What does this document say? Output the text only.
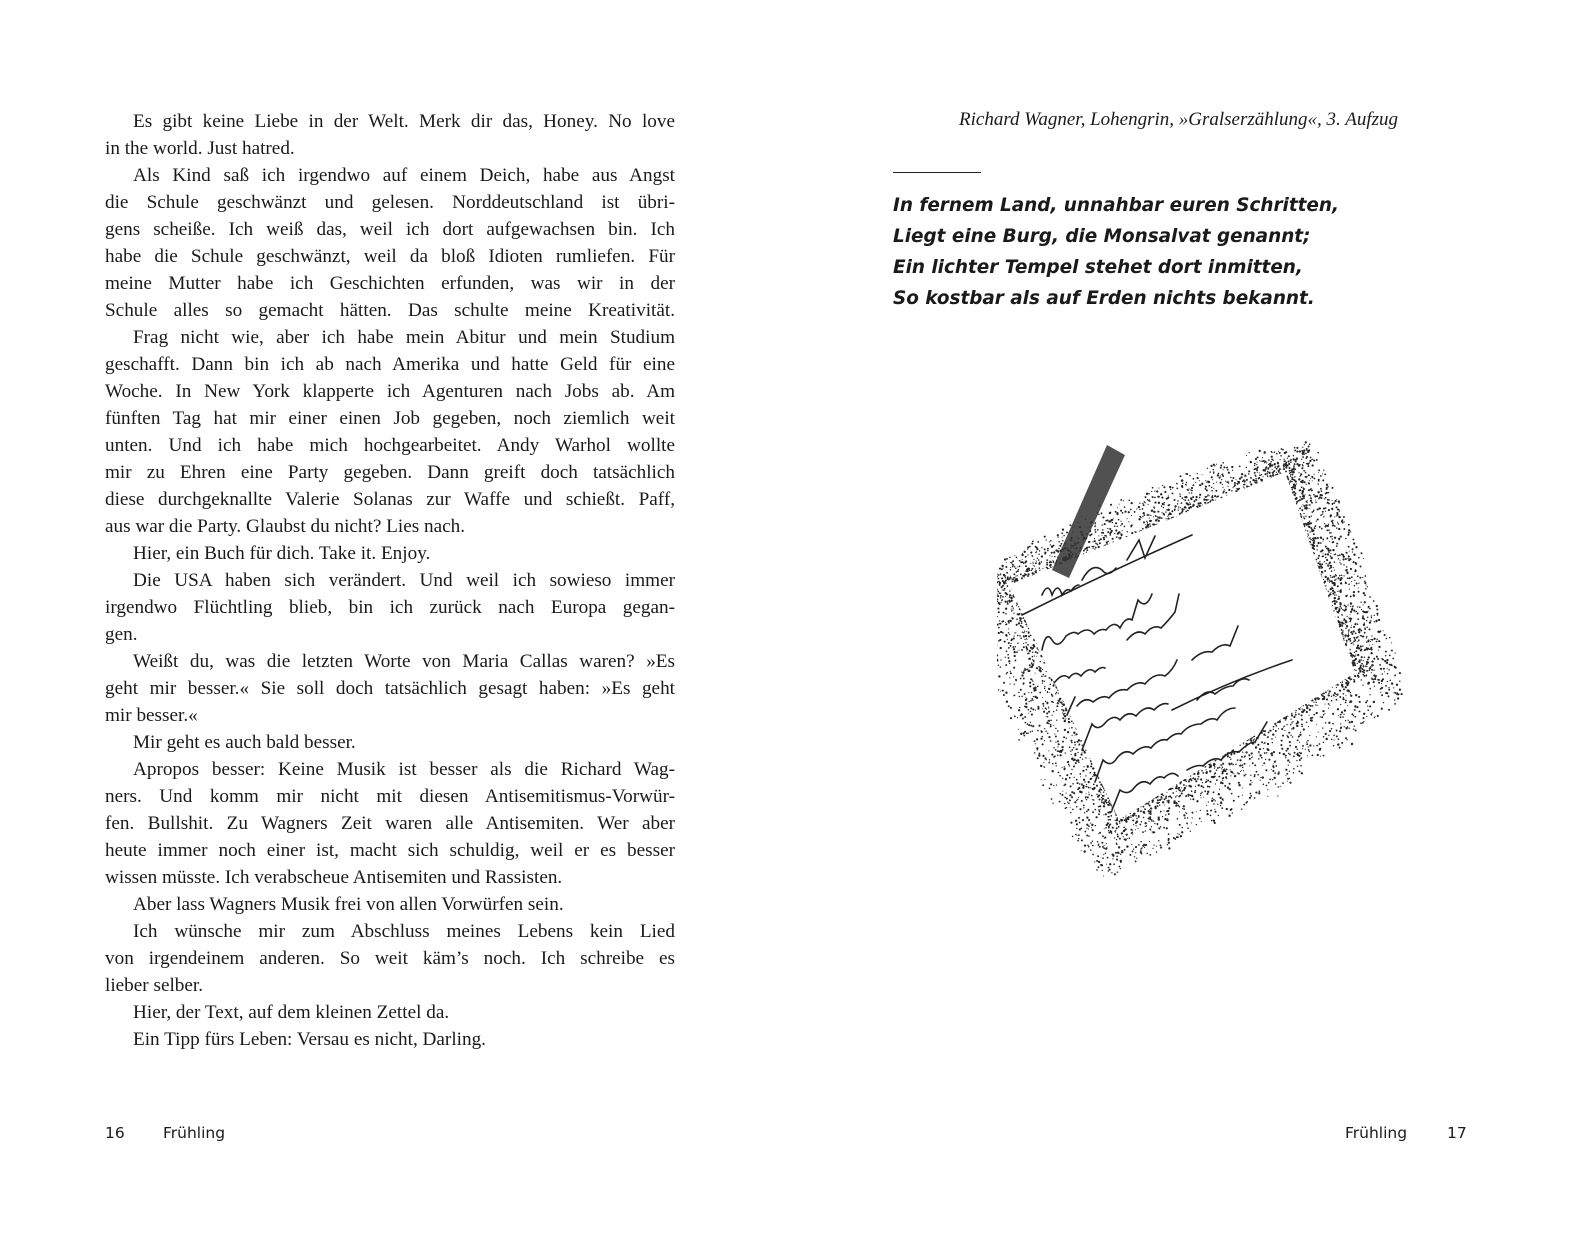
Es gibt keine Liebe in der Welt. Merk dir das, Honey. No love
in the world. Just hatred.
Als Kind saß ich irgendwo auf einem Deich, habe aus Angst
die Schule geschwänzt und gelesen. Norddeutschland ist übri-
gens scheiße. Ich weiß das, weil ich dort aufgewachsen bin. Ich
habe die Schule geschwänzt, weil da bloß Idioten rumliefen. Für
meine Mutter habe ich Geschichten erfunden, was wir in der
Schule alles so gemacht hätten. Das schulte meine Kreativität.
Frag nicht wie, aber ich habe mein Abitur und mein Studium
geschafft. Dann bin ich ab nach Amerika und hatte Geld für eine
Woche. In New York klapperte ich Agenturen nach Jobs ab. Am
fünften Tag hat mir einer einen Job gegeben, noch ziemlich weit
unten. Und ich habe mich hochgearbeitet. Andy Warhol wollte
mir zu Ehren eine Party gegeben. Dann greift doch tatsächlich
diese durchgeknallte Valerie Solanas zur Waffe und schießt. Paff,
aus war die Party. Glaubst du nicht? Lies nach.
Hier, ein Buch für dich. Take it. Enjoy.
Die USA haben sich verändert. Und weil ich sowieso immer
irgendwo Flüchtling blieb, bin ich zurück nach Europa gegan-
gen.
Weißt du, was die letzten Worte von Maria Callas waren? »Es
geht mir besser.« Sie soll doch tatsächlich gesagt haben: »Es geht
mir besser.«
Mir geht es auch bald besser.
Apropos besser: Keine Musik ist besser als die Richard Wag-
ners. Und komm mir nicht mit diesen Antisemitismus-Vorwür-
fen. Bullshit. Zu Wagners Zeit waren alle Antisemiten. Wer aber
heute immer noch einer ist, macht sich schuldig, weil er es besser
wissen müsste. Ich verabscheue Antisemiten und Rassisten.
Aber lass Wagners Musik frei von allen Vorwürfen sein.
Ich wünsche mir zum Abschluss meines Lebens kein Lied
von irgendeinem anderen. So weit käm’s noch. Ich schreibe es
lieber selber.
Hier, der Text, auf dem kleinen Zettel da.
Ein Tipp fürs Leben: Versau es nicht, Darling.
16 Frühling
Richard Wagner, Lohengrin, »Gralserzählung«, 3. Aufzug
In fernem Land, unnahbar euren Schritten,
Liegt eine Burg, die Monsalvat genannt;
Ein lichter Tempel stehet dort inmitten,
So kostbar als auf Erden nichts bekannt.
Frühling	17
